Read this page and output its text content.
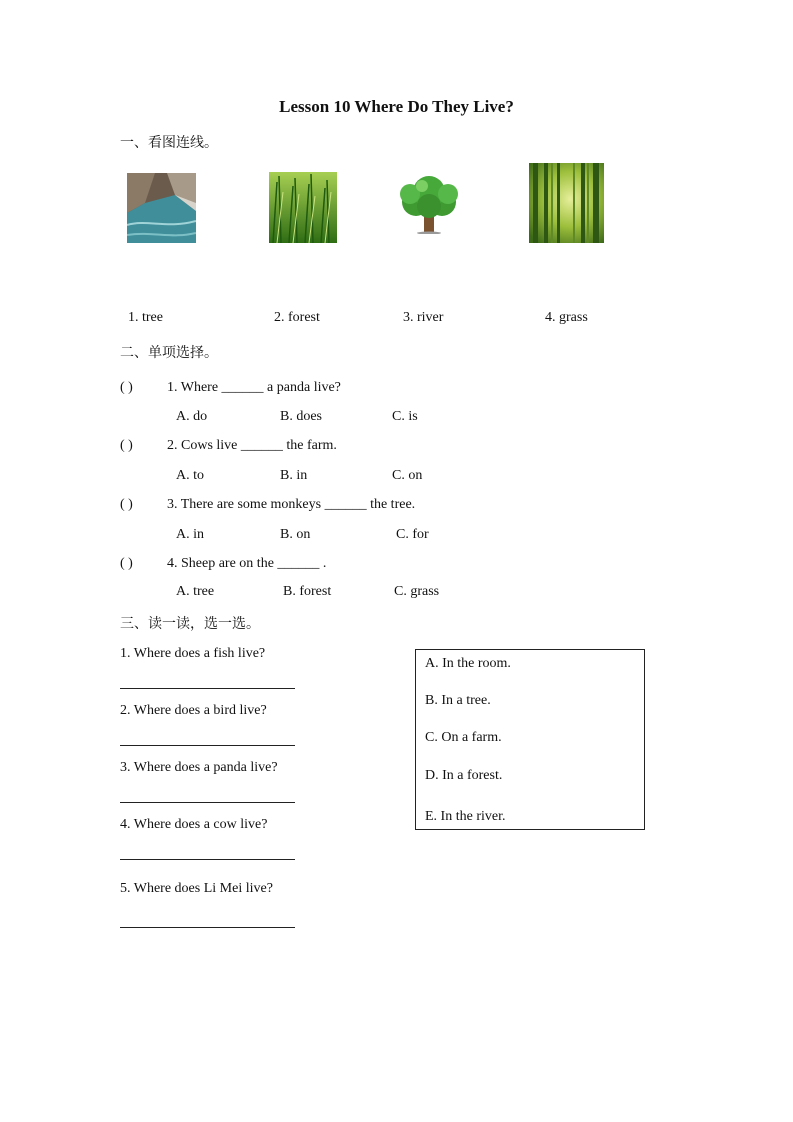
Lesson 10 Where Do They Live?
一、看图连线。
1. tree	2. forest	3. river	4. grass
二、单项选择。
( ) 1. Where ______ a panda live?
A. do	B. does	C. is
( ) 2. Cows live ______ the farm.
A. to	B. in	C. on
( ) 3. There are some monkeys ______ the tree.
A. in	B. on	C. for
( ) 4. Sheep are on the ______ .
A. tree	B. forest	C. grass
三、读一读，选一选。
1. Where does a fish live?
2. Where does a bird live?
3. Where does a panda live?
4. Where does a cow live?
5. Where does Li Mei live?
A. In the room.
B. In a tree.
C. On a farm.
D. In a forest.
E. In the river.
